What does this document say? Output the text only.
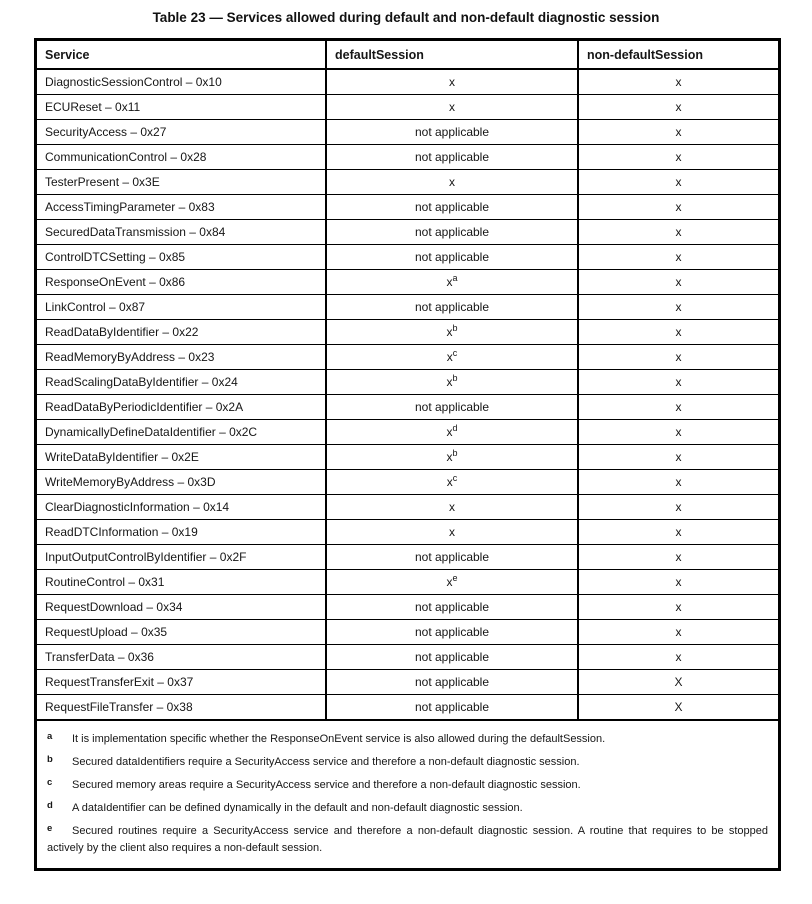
Table 23 — Services allowed during default and non-default diagnostic session
Service	defaultSession	non-defaultSession
DiagnosticSessionControl – 0x10	x	x
ECUReset – 0x11	x	x
SecurityAccess – 0x27	not applicable	x
CommunicationControl – 0x28	not applicable	x
TesterPresent – 0x3E	x	x
AccessTimingParameter – 0x83	not applicable	x
SecuredDataTransmission – 0x84	not applicable	x
ControlDTCSetting – 0x85	not applicable	x
ResponseOnEvent – 0x86	x$^a$	x
LinkControl – 0x87	not applicable	x
ReadDataByIdentifier – 0x22	x$^b$	x
ReadMemoryByAddress – 0x23	x$^c$	x
ReadScalingDataByIdentifier – 0x24	x$^b$	x
ReadDataByPeriodicIdentifier – 0x2A	not applicable	x
DynamicallyDefineDataIdentifier – 0x2C	x$^d$	x
WriteDataByIdentifier – 0x2E	x$^b$	x
WriteMemoryByAddress – 0x3D	x$^c$	x
ClearDiagnosticInformation – 0x14	x	x
ReadDTCInformation – 0x19	x	x
InputOutputControlByIdentifier – 0x2F	not applicable	x
RoutineControl – 0x31	x$^e$	x
RequestDownload – 0x34	not applicable	x
RequestUpload – 0x35	not applicable	x
TransferData – 0x36	not applicable	x
RequestTransferExit – 0x37	not applicable	X
RequestFileTransfer – 0x38	not applicable	X
a It is implementation specific whether the ResponseOnEvent service is also allowed during the defaultSession.
b Secured dataIdentifiers require a SecurityAccess service and therefore a non-default diagnostic session.
c Secured memory areas require a SecurityAccess service and therefore a non-default diagnostic session.
d A dataIdentifier can be defined dynamically in the default and non-default diagnostic session.
e Secured routines require a SecurityAccess service and therefore a non-default diagnostic session. A routine that requires to be stopped actively by the client also requires a non-default session.
